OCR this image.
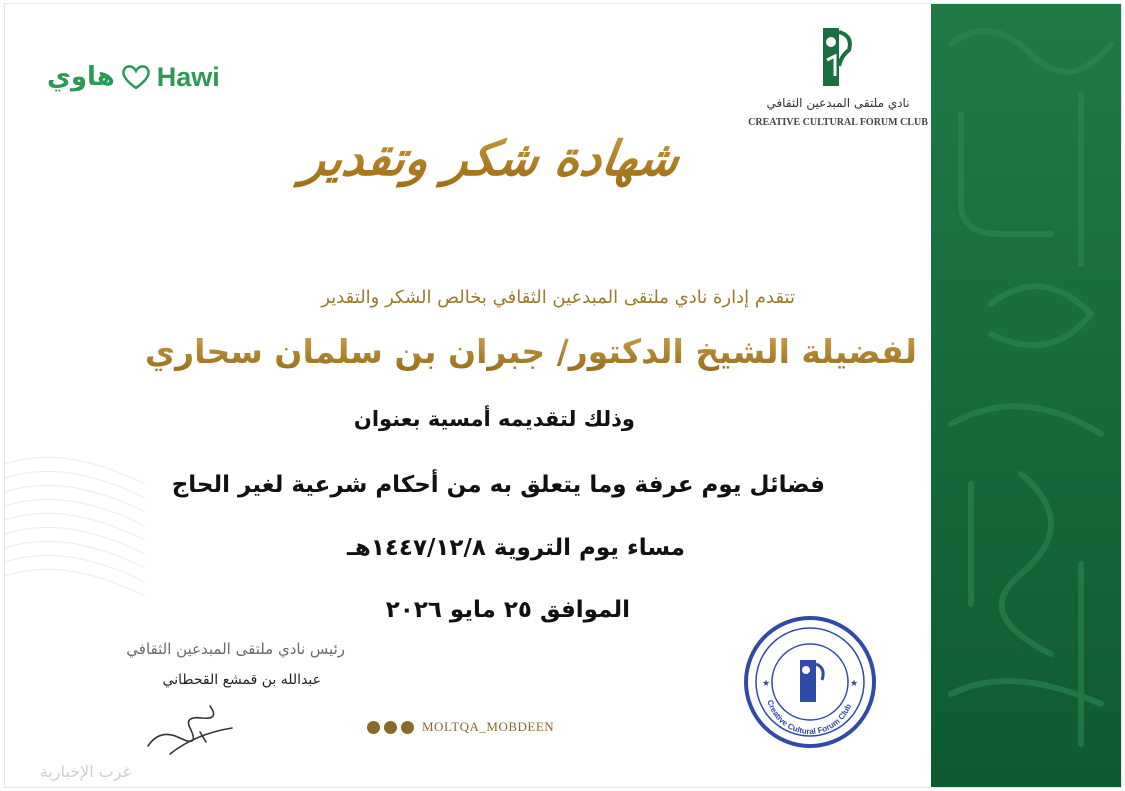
هاوي Hawi
نادي ملتقى المبدعين الثقافي
CREATIVE CULTURAL FORUM CLUB
شهادة شكر وتقدير
تتقدم إدارة نادي ملتقى المبدعين الثقافي بخالص الشكر والتقدير
لفضيلة الشيخ الدكتور/ جبران بن سلمان سحاري
وذلك لتقديمه أمسية بعنوان
فضائل يوم عرفة وما يتعلق به من أحكام شرعية لغير الحاج
مساء يوم التروية ١٤٤٧/١٢/٨هـ
الموافق ٢٥ مايو ٢٠٢٦
رئيس نادي ملتقى المبدعين الثقافي
عبدالله بن قمشع القحطاني
MOLTQA_MOBDEEN
Creative Cultural Forum Club
★	★
غرب الإخبارية
